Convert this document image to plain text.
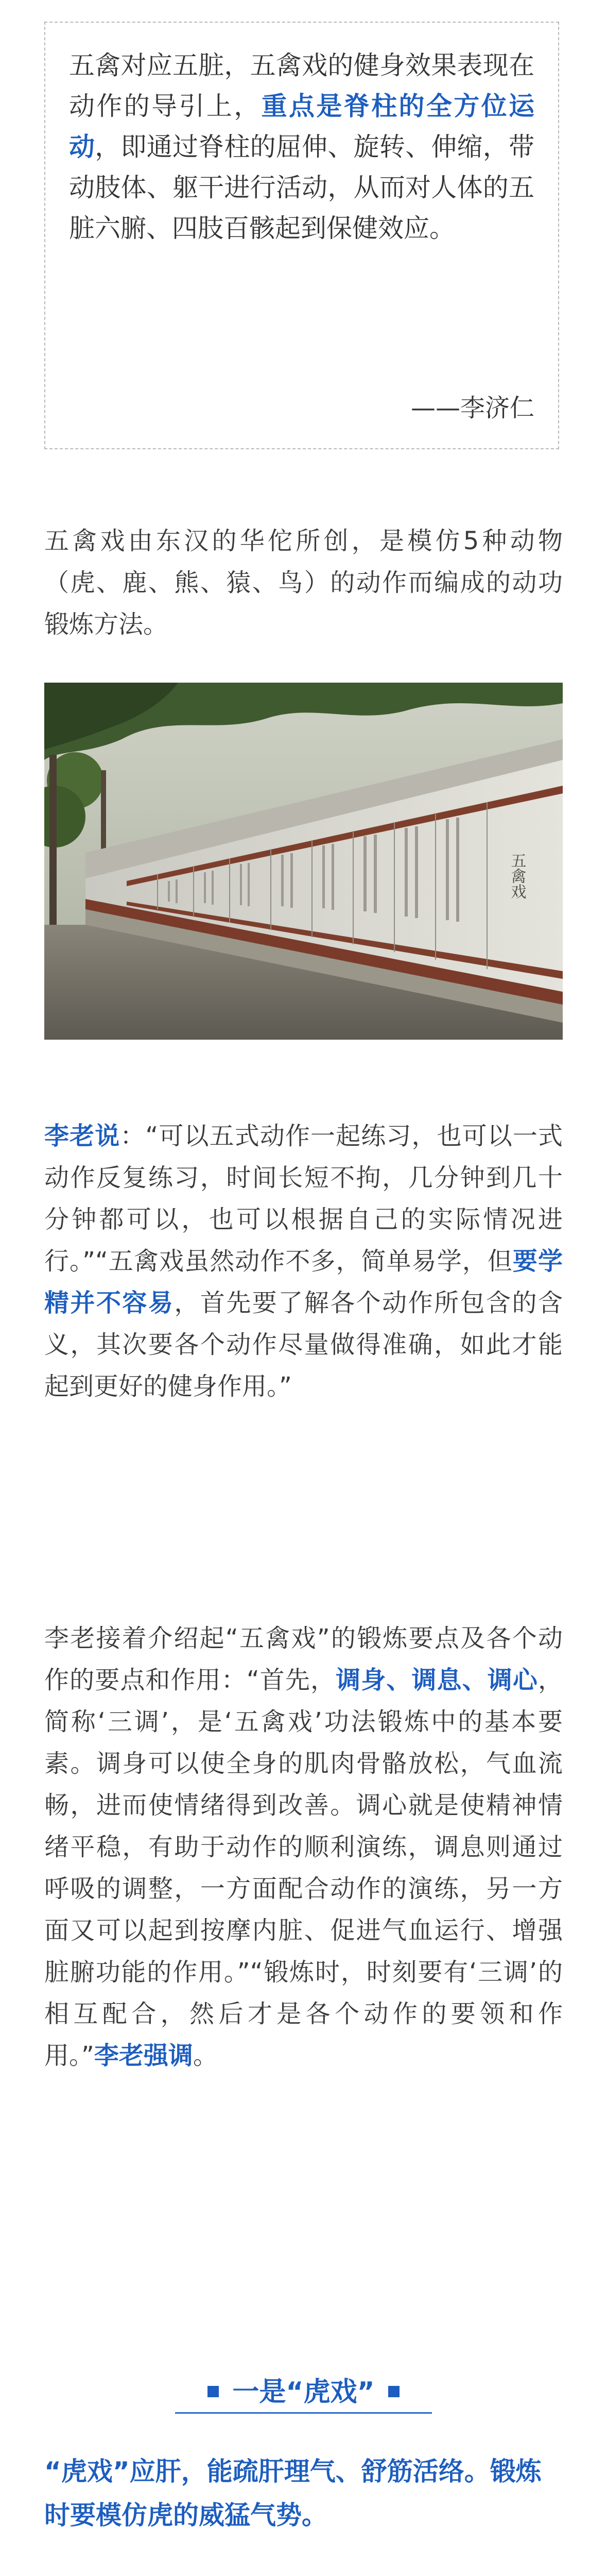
五禽对应五脏，五禽戏的健身效果表现在动作的导引上，重点是脊柱的全方位运动，即通过脊柱的屈伸、旋转、伸缩，带动肢体、躯干进行活动，从而对人体的五脏六腑、四肢百骸起到保健效应。
——李济仁
五禽戏由东汉的华佗所创，是模仿5种动物（虎、鹿、熊、猿、鸟）的动作而编成的动功锻炼方法。
五禽戏
李老说：“可以五式动作一起练习，也可以一式动作反复练习，时间长短不拘，几分钟到几十分钟都可以，也可以根据自己的实际情况进行。”“五禽戏虽然动作不多，简单易学，但要学精并不容易，首先要了解各个动作所包含的含义，其次要各个动作尽量做得准确，如此才能起到更好的健身作用。”
李老接着介绍起“五禽戏”的锻炼要点及各个动作的要点和作用：“首先，调身、调息、调心，简称‘三调’，是‘五禽戏’功法锻炼中的基本要素。调身可以使全身的肌肉骨骼放松，气血流畅，进而使情绪得到改善。调心就是使精神情绪平稳，有助于动作的顺利演练，调息则通过呼吸的调整，一方面配合动作的演练，另一方面又可以起到按摩内脏、促进气血运行、增强脏腑功能的作用。”“锻炼时，时刻要有‘三调’的相互配合，然后才是各个动作的要领和作用。”李老强调。
一是“虎戏”
“虎戏”应肝，能疏肝理气、舒筋活络。锻炼时要模仿虎的威猛气势。
